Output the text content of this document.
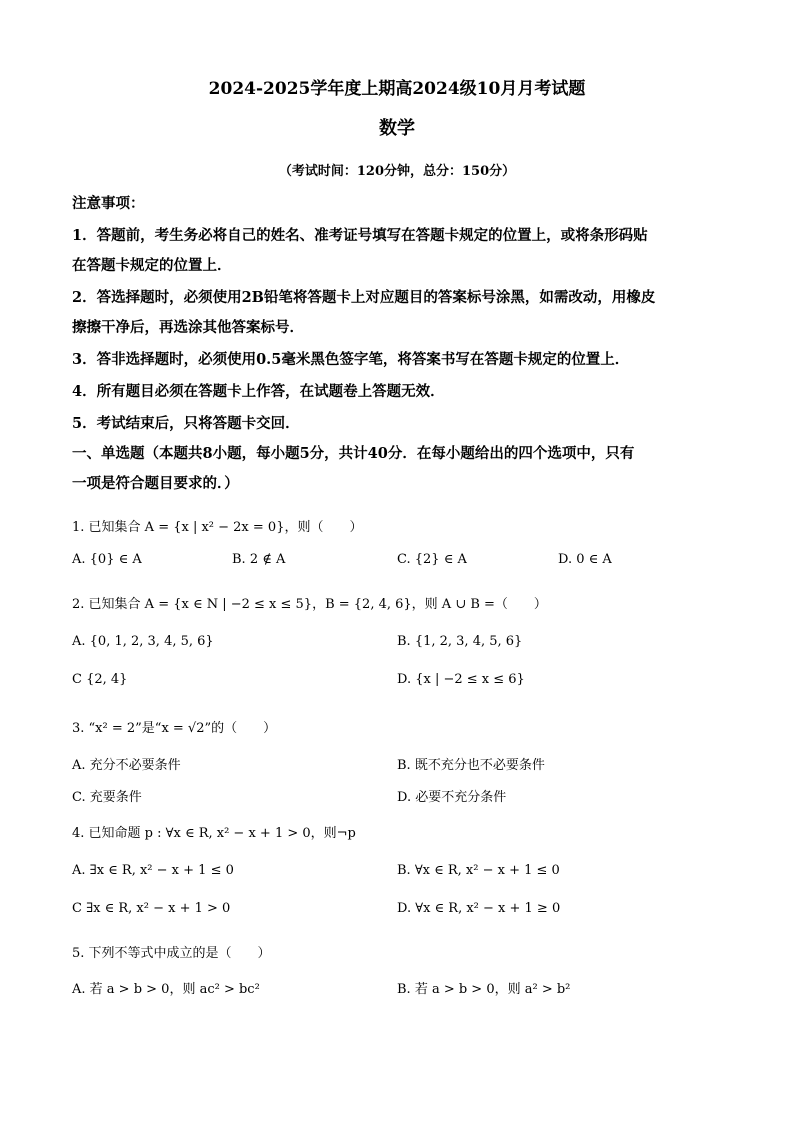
2024-2025学年度上期高2024级10月月考试题
数学
（考试时间：120分钟，总分：150分）
注意事项：
1．答题前，考生务必将自己的姓名、准考证号填写在答题卡规定的位置上，或将条形码贴
在答题卡规定的位置上．
2．答选择题时，必须使用2B铅笔将答题卡上对应题目的答案标号涂黑，如需改动，用橡皮
擦擦干净后，再选涂其他答案标号．
3．答非选择题时，必须使用0.5毫米黑色签字笔，将答案书写在答题卡规定的位置上．
4．所有题目必须在答题卡上作答，在试题卷上答题无效．
5．考试结束后，只将答题卡交回．
一、单选题（本题共8小题，每小题5分，共计40分．在每小题给出的四个选项中，只有
一项是符合题目要求的．）
1. 已知集合 A = {x | x² − 2x = 0}，则（　　）
A. {0} ∈ A	B. 2 ∉ A	C. {2} ∈ A	D. 0 ∈ A
2. 已知集合 A = {x ∈ N | −2 ≤ x ≤ 5}，B = {2, 4, 6}，则 A ∪ B =（　　）
A. {0, 1, 2, 3, 4, 5, 6}	B. {1, 2, 3, 4, 5, 6}
C {2, 4}	D. {x | −2 ≤ x ≤ 6}
3. “x² = 2”是“x = √2”的（　　）
A. 充分不必要条件	B. 既不充分也不必要条件
C. 充要条件	D. 必要不充分条件
4. 已知命题 p : ∀x ∈ R, x² − x + 1 > 0，则¬p
A. ∃x ∈ R, x² − x + 1 ≤ 0	B. ∀x ∈ R, x² − x + 1 ≤ 0
C ∃x ∈ R, x² − x + 1 > 0	D. ∀x ∈ R, x² − x + 1 ≥ 0
5. 下列不等式中成立的是（　　）
A. 若 a > b > 0，则 ac² > bc²	B. 若 a > b > 0，则 a² > b²
